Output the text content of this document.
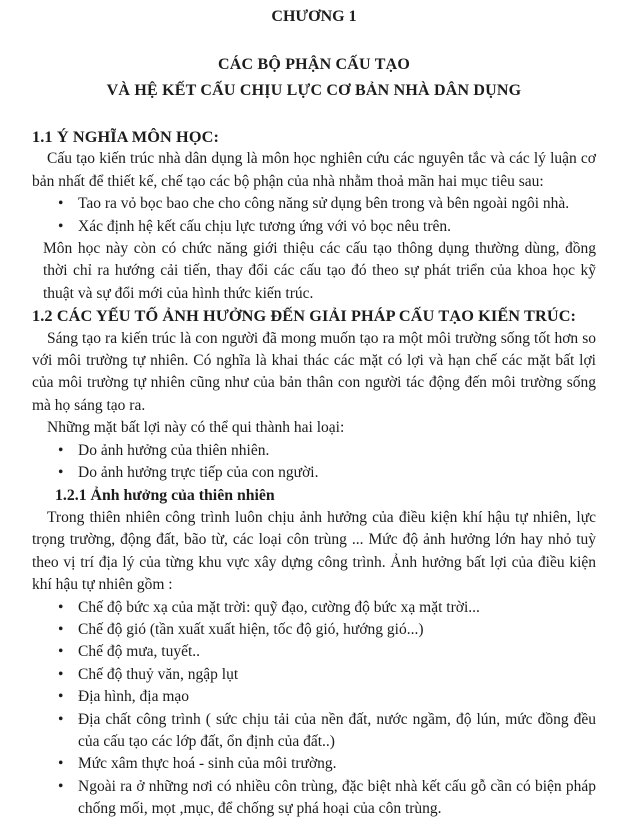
CHƯƠNG 1
CÁC BỘ PHẬN CẤU TẠO
VÀ HỆ KẾT CẤU CHỊU LỰC CƠ BẢN NHÀ DÂN DỤNG
1.1 Ý NGHĨA MÔN HỌC:

Cấu tạo kiến trúc nhà dân dụng là môn học nghiên cứu các nguyên tắc và các lý luận cơ bản nhất để thiết kế, chế tạo các bộ phận của nhà nhằm thoả mãn hai mục tiêu sau:

• Tao ra vỏ bọc bao che cho công năng sử dụng bên trong và bên ngoài ngôi nhà.
• Xác định hệ kết cấu chịu lực tương ứng với vỏ bọc nêu trên.

Môn học này còn có chức năng giới thiệu các cấu tạo thông dụng thường dùng, đồng thời chỉ ra hướng cải tiến, thay đổi các cấu tạo đó theo sự phát triển của khoa học kỹ thuật và sự đổi mới của hình thức kiến trúc.

1.2 CÁC YẾU TỐ ẢNH HƯỞNG ĐẾN GIẢI PHÁP CẤU TẠO KIẾN TRÚC:

Sáng tạo ra kiến trúc là con người đã mong muốn tạo ra một môi trường sống tốt hơn so với môi trường tự nhiên. Có nghĩa là khai thác các mặt có lợi và hạn chế các mặt bất lợi của môi trường tự nhiên cũng như của bản thân con người tác động đến môi trường sống mà họ sáng tạo ra.

Những mặt bất lợi này có thể qui thành hai loại:

• Do ảnh hưởng của thiên nhiên.
• Do ảnh hưởng trực tiếp của con người.
1.2.1 Ảnh hưởng của thiên nhiên

Trong thiên nhiên công trình luôn chịu ảnh hưởng của điều kiện khí hậu tự nhiên, lực trọng trường, động đất, bão từ, các loại côn trùng ... Mức độ ảnh hưởng lớn hay nhỏ tuỳ theo vị trí địa lý của từng khu vực xây dựng công trình. Ảnh hưởng bất lợi của điều kiện khí hậu tự nhiên gồm :

• Chế độ bức xạ của mặt trời: quỹ đạo, cường độ bức xạ mặt trời...
• Chế độ gió (tần xuất xuất hiện, tốc độ gió, hướng gió...)
• Chế độ mưa, tuyết..
• Chế độ thuỷ văn, ngập lụt
• Địa hình, địa mạo
• Địa chất công trình ( sức chịu tải của nền đất, nước ngầm, độ lún, mức đồng đều của cấu tạo các lớp đất, ổn định của đất..)
• Mức xâm thực hoá - sinh của môi trường.
• Ngoài ra ở những nơi có nhiều côn trùng, đặc biệt nhà kết cấu gỗ cần có biện pháp chống mối, mọt ,mục, để chống sự phá hoại của côn trùng.
